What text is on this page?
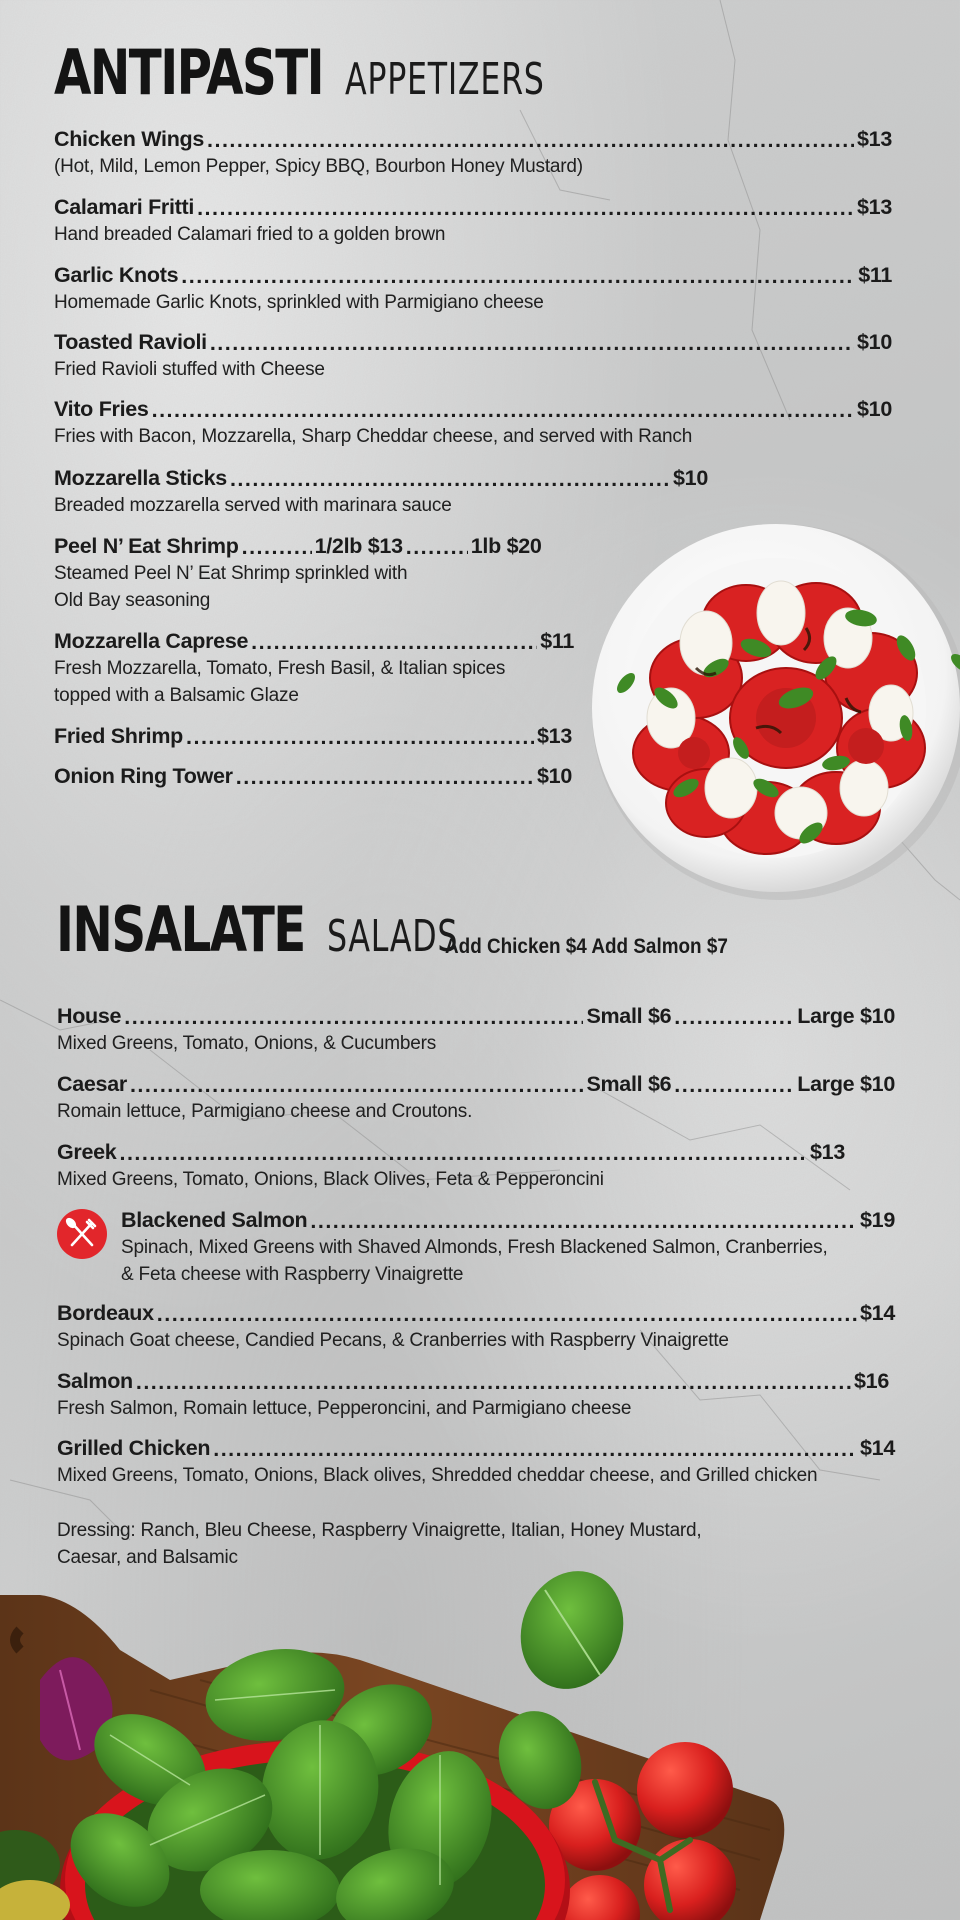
ANTIPASTI APPETIZERS
Chicken Wings .....	$13
(Hot, Mild, Lemon Pepper, Spicy BBQ, Bourbon Honey Mustard)
Calamari Fritti .....	$13
Hand breaded Calamari fried to a golden brown
Garlic Knots .....	$11
Homemade Garlic Knots, sprinkled with Parmigiano cheese
Toasted Ravioli .....	$10
Fried Ravioli stuffed with Cheese
Vito Fries .....	$10
Fries with Bacon, Mozzarella, Sharp Cheddar cheese, and served with Ranch
Mozzarella Sticks .....	$10
Breaded mozzarella served with marinara sauce
Peel N’ Eat Shrimp .....	1/2lb $13 .....	1lb $20
Steamed Peel N’ Eat Shrimp sprinkled with
Old Bay seasoning
Mozzarella Caprese .....	$11
Fresh Mozzarella, Tomato, Fresh Basil, & Italian spices
topped with a Balsamic Glaze
Fried Shrimp .....	$13
Onion Ring Tower .....	$10
INSALATE SALADS
Add Chicken $4 Add Salmon $7
House .....	Small $6 .....	Large $10
Mixed Greens, Tomato, Onions, & Cucumbers
Caesar .....	Small $6 .....	Large $10
Romain lettuce, Parmigiano cheese and Croutons.
Greek .....	$13
Mixed Greens, Tomato, Onions, Black Olives, Feta & Pepperoncini
Blackened Salmon .....	$19
Spinach, Mixed Greens with Shaved Almonds, Fresh Blackened Salmon, Cranberries,
& Feta cheese with Raspberry Vinaigrette
Bordeaux .....	$14
Spinach Goat cheese, Candied Pecans, & Cranberries with Raspberry Vinaigrette
Salmon .....	$16
Fresh Salmon, Romain lettuce, Pepperoncini, and Parmigiano cheese
Grilled Chicken .....	$14
Mixed Greens, Tomato, Onions, Black olives, Shredded cheddar cheese, and Grilled chicken
Dressing: Ranch, Bleu Cheese, Raspberry Vinaigrette, Italian, Honey Mustard,
Caesar, and Balsamic
